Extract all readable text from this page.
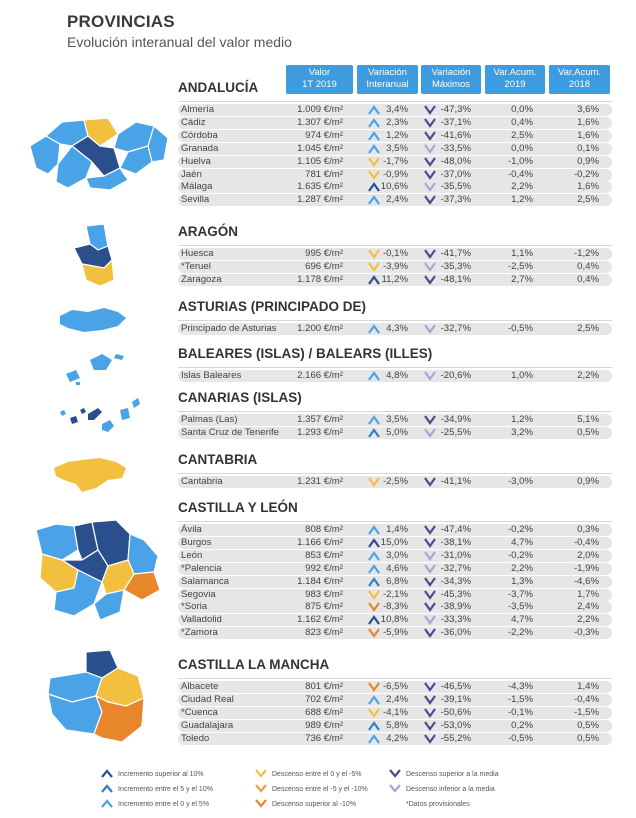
PROVINCIAS
Evolución interanual del valor medio
Valor
1T 2019
Variación
Interanual
Variación
Máximos
Var.Acum.
2019
Var.Acum.
2018
ANDALUCÍA
Almería	1.009 €/m²	3,4%	-47,3%	0,0%	3,6%
Cádiz	1.307 €/m²	2,3%	-37,1%	0,4%	1,6%
Córdoba	974 €/m²	1,2%	-41,6%	2,5%	1,6%
Granada	1.045 €/m²	3,5%	-33,5%	0,0%	0,1%
Huelva	1.105 €/m²	-1,7%	-48,0%	-1,0%	0,9%
Jaén	781 €/m²	-0,9%	-37,0%	-0,4%	-0,2%
Málaga	1.635 €/m²	10,6%	-35,5%	2,2%	1,6%
Sevilla	1.287 €/m²	2,4%	-37,3%	1,2%	2,5%
ARAGÓN
Huesca	995 €/m²	-0,1%	-41,7%	1,1%	-1,2%
*Teruel	696 €/m²	-3,9%	-35,3%	-2,5%	0,4%
Zaragoza	1.178 €/m²	11,2%	-48,1%	2,7%	0,4%
ASTURIAS (PRINCIPADO DE)
Principado de Asturias 1.200 €/m²	4,3%	-32,7%	-0,5%	2,5%
BALEARES (ISLAS) / BALEARS (ILLES)
Islas Baleares	2.166 €/m²	4,8%	-20,6%	1,0%	2,2%
CANARIAS (ISLAS)
Palmas (Las)	1.357 €/m²	3,5%	-34,9%	1,2%	5,1%
Santa Cruz de Tenerife 1.293 €/m²	5,0%	-25,5%	3,2%	0,5%
CANTABRIA
Cantabria	1.231 €/m²	-2,5%	-41,1%	-3,0%	0,9%
CASTILLA Y LEÓN
Ávila	808 €/m²	1,4%	-47,4%	-0,2%	0,3%
Burgos	1.166 €/m²	15,0%	-38,1%	4,7%	-0,4%
León	853 €/m²	3,0%	-31,0%	-0,2%	2,0%
*Palencia	992 €/m²	4,6%	-32,7%	2,2%	-1,9%
Salamanca	1.184 €/m²	6,8%	-34,3%	1,3%	-4,6%
Segovia	983 €/m²	-2,1%	-45,3%	-3,7%	1,7%
*Soria	875 €/m²	-8,3%	-38,9%	-3,5%	2,4%
Valladolid	1.162 €/m²	10,8%	-33,3%	4,7%	2,2%
*Zamora	823 €/m²	-5,9%	-36,0%	-2,2%	-0,3%
CASTILLA LA MANCHA
Albacete	801 €/m²	-6,5%	-46,5%	-4,3%	1,4%
Ciudad Real	702 €/m²	2,4%	-39,1%	-1,5%	-0,4%
*Cuenca	688 €/m²	-4,1%	-50,6%	-0,1%	-1,5%
Guadalajara	989 €/m²	5,8%	-53,0%	0,2%	0,5%
Toledo	736 €/m²	4,2%	-55,2%	-0,5%	0,5%
Incremento superior al 10%
Incremento entre el 5 y el 10%
Incremento entre el 0 y el 5%
Descenso entre el 0 y el -5%
Descenso entre el -5 y el -10%
Descenso superior al -10%
Descenso superior a la media
Descenso inferior a la media
*Datos provisionales
